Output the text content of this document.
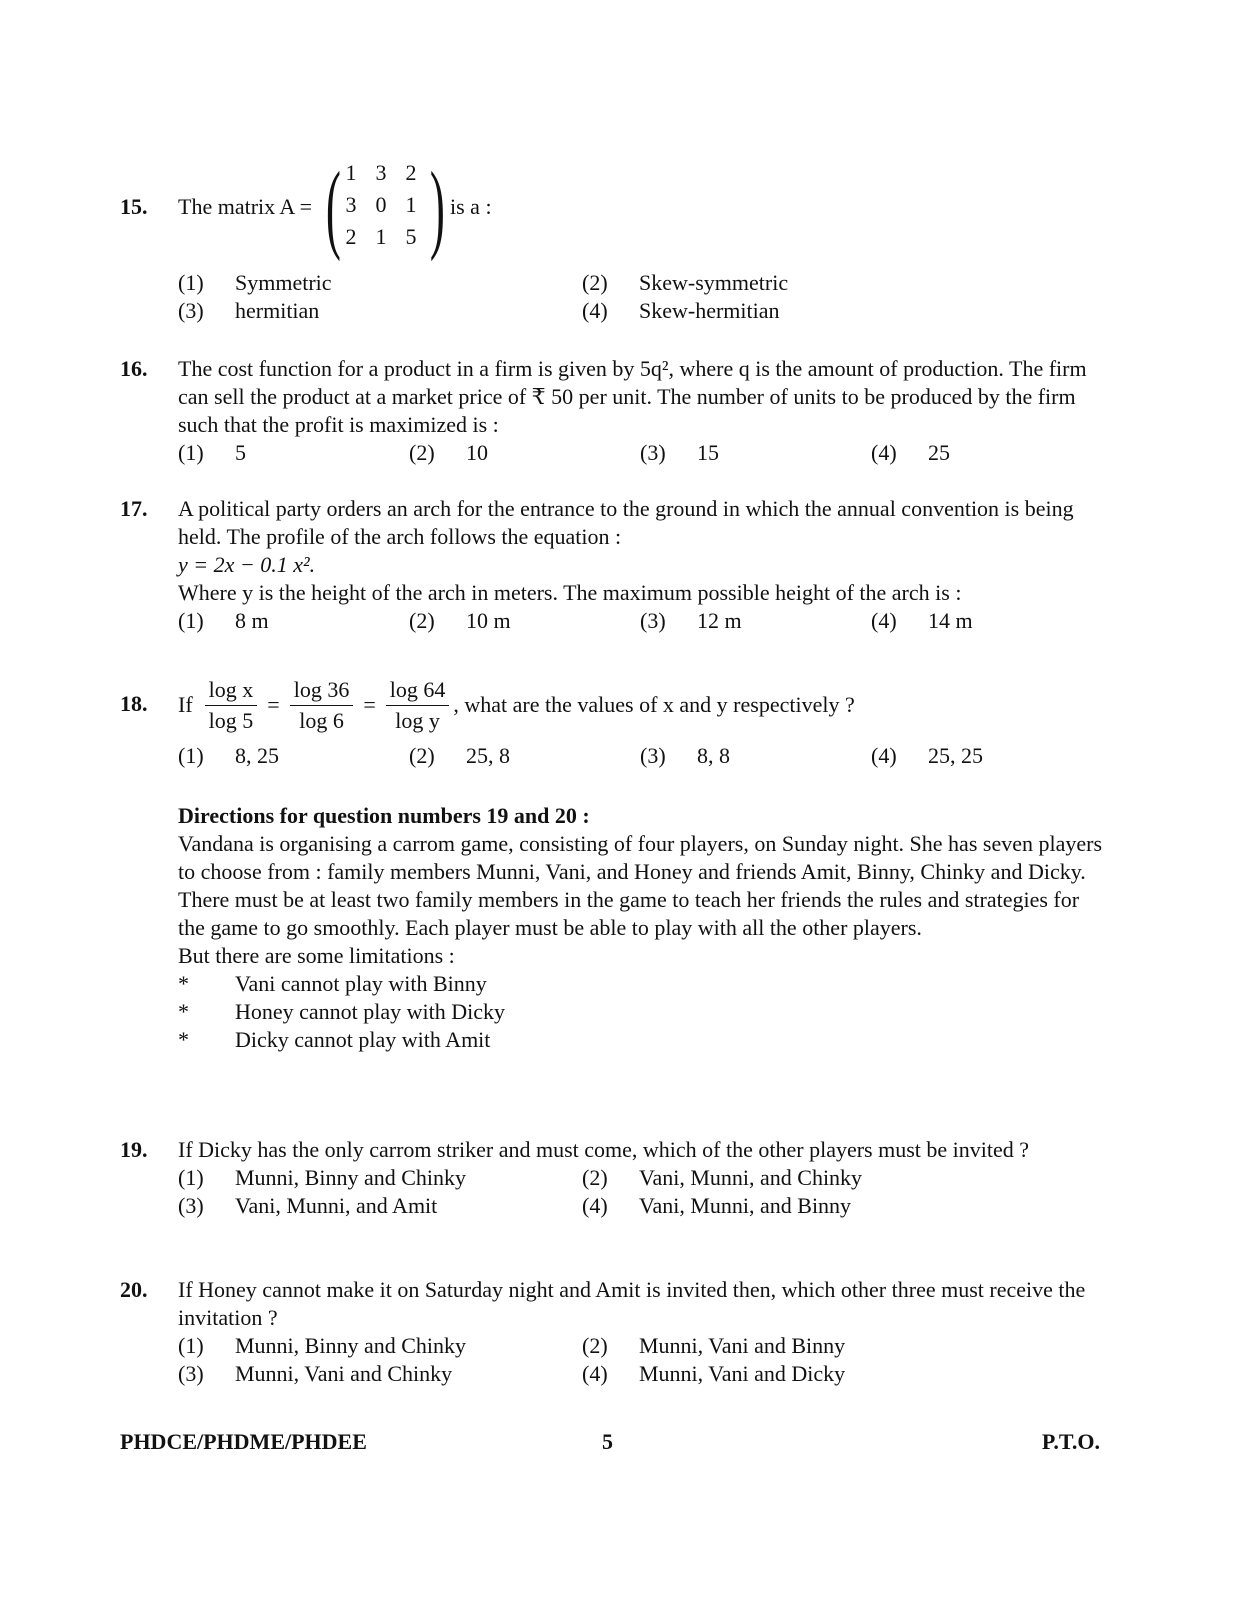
15. The matrix A = ( 1 3 2
3 0 1
2 1 5 ) is a :
(1)	Symmetric	(2)	Skew-symmetric
(3)	hermitian	(4)	Skew-hermitian
16. The cost function for a product in a firm is given by 5q², where q is the amount of production. The firm can sell the product at a market price of ₹ 50 per unit. The number of units to be produced by the firm such that the profit is maximized is :
(1)	5	(2)	10	(3)	15	(4)	25
17. A political party orders an arch for the entrance to the ground in which the annual convention is being held. The profile of the arch follows the equation :
y = 2x − 0.1 x².
Where y is the height of the arch in meters. The maximum possible height of the arch is :
(1)	8 m	(2)	10 m	(3)	12 m	(4)	14 m
18. If $\frac{\text{log x}}{\log 5} = \frac{\log 36}{\log 6} = \frac{\log 64}{\text{log y}}$ , what are the values of x and y respectively ?
(1)	8, 25	(2)	25, 8	(3)	8, 8	(4)	25, 25
Directions for question numbers 19 and 20 :
Vandana is organising a carrom game, consisting of four players, on Sunday night. She has seven players to choose from : family members Munni, Vani, and Honey and friends Amit, Binny, Chinky and Dicky.
There must be at least two family members in the game to teach her friends the rules and strategies for the game to go smoothly. Each player must be able to play with all the other players.
But there are some limitations :
*	Vani cannot play with Binny
*	Honey cannot play with Dicky
*	Dicky cannot play with Amit
19. If Dicky has the only carrom striker and must come, which of the other players must be invited ?
(1)	Munni, Binny and Chinky	(2)	Vani, Munni, and Chinky
(3)	Vani, Munni, and Amit	(4)	Vani, Munni, and Binny
20. If Honey cannot make it on Saturday night and Amit is invited then, which other three must receive the invitation ?
(1)	Munni, Binny and Chinky	(2)	Munni, Vani and Binny
(3)	Munni, Vani and Chinky	(4)	Munni, Vani and Dicky
PHDCE/PHDME/PHDEE	5	P.T.O.
